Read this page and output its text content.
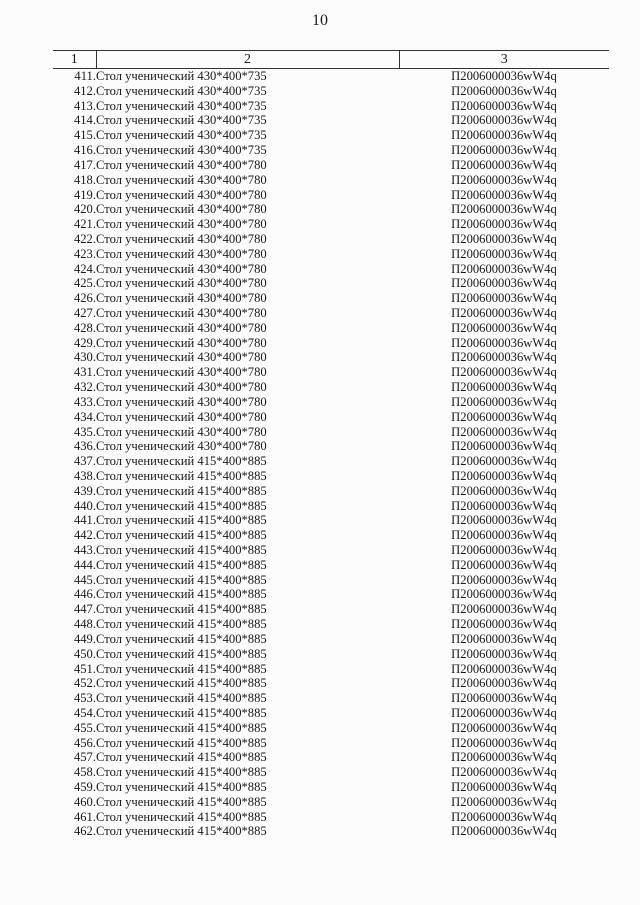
10
1	2	3
411.	Стол ученический 430*400*735	П2006000036wW4q
412.	Стол ученический 430*400*735	П2006000036wW4q
413.	Стол ученический 430*400*735	П2006000036wW4q
414.	Стол ученический 430*400*735	П2006000036wW4q
415.	Стол ученический 430*400*735	П2006000036wW4q
416.	Стол ученический 430*400*735	П2006000036wW4q
417.	Стол ученический 430*400*780	П2006000036wW4q
418.	Стол ученический 430*400*780	П2006000036wW4q
419.	Стол ученический 430*400*780	П2006000036wW4q
420.	Стол ученический 430*400*780	П2006000036wW4q
421.	Стол ученический 430*400*780	П2006000036wW4q
422.	Стол ученический 430*400*780	П2006000036wW4q
423.	Стол ученический 430*400*780	П2006000036wW4q
424.	Стол ученический 430*400*780	П2006000036wW4q
425.	Стол ученический 430*400*780	П2006000036wW4q
426.	Стол ученический 430*400*780	П2006000036wW4q
427.	Стол ученический 430*400*780	П2006000036wW4q
428.	Стол ученический 430*400*780	П2006000036wW4q
429.	Стол ученический 430*400*780	П2006000036wW4q
430.	Стол ученический 430*400*780	П2006000036wW4q
431.	Стол ученический 430*400*780	П2006000036wW4q
432.	Стол ученический 430*400*780	П2006000036wW4q
433.	Стол ученический 430*400*780	П2006000036wW4q
434.	Стол ученический 430*400*780	П2006000036wW4q
435.	Стол ученический 430*400*780	П2006000036wW4q
436.	Стол ученический 430*400*780	П2006000036wW4q
437.	Стол ученический 415*400*885	П2006000036wW4q
438.	Стол ученический 415*400*885	П2006000036wW4q
439.	Стол ученический 415*400*885	П2006000036wW4q
440.	Стол ученический 415*400*885	П2006000036wW4q
441.	Стол ученический 415*400*885	П2006000036wW4q
442.	Стол ученический 415*400*885	П2006000036wW4q
443.	Стол ученический 415*400*885	П2006000036wW4q
444.	Стол ученический 415*400*885	П2006000036wW4q
445.	Стол ученический 415*400*885	П2006000036wW4q
446.	Стол ученический 415*400*885	П2006000036wW4q
447.	Стол ученический 415*400*885	П2006000036wW4q
448.	Стол ученический 415*400*885	П2006000036wW4q
449.	Стол ученический 415*400*885	П2006000036wW4q
450.	Стол ученический 415*400*885	П2006000036wW4q
451.	Стол ученический 415*400*885	П2006000036wW4q
452.	Стол ученический 415*400*885	П2006000036wW4q
453.	Стол ученический 415*400*885	П2006000036wW4q
454.	Стол ученический 415*400*885	П2006000036wW4q
455.	Стол ученический 415*400*885	П2006000036wW4q
456.	Стол ученический 415*400*885	П2006000036wW4q
457.	Стол ученический 415*400*885	П2006000036wW4q
458.	Стол ученический 415*400*885	П2006000036wW4q
459.	Стол ученический 415*400*885	П2006000036wW4q
460.	Стол ученический 415*400*885	П2006000036wW4q
461.	Стол ученический 415*400*885	П2006000036wW4q
462.	Стол ученический 415*400*885	П2006000036wW4q
